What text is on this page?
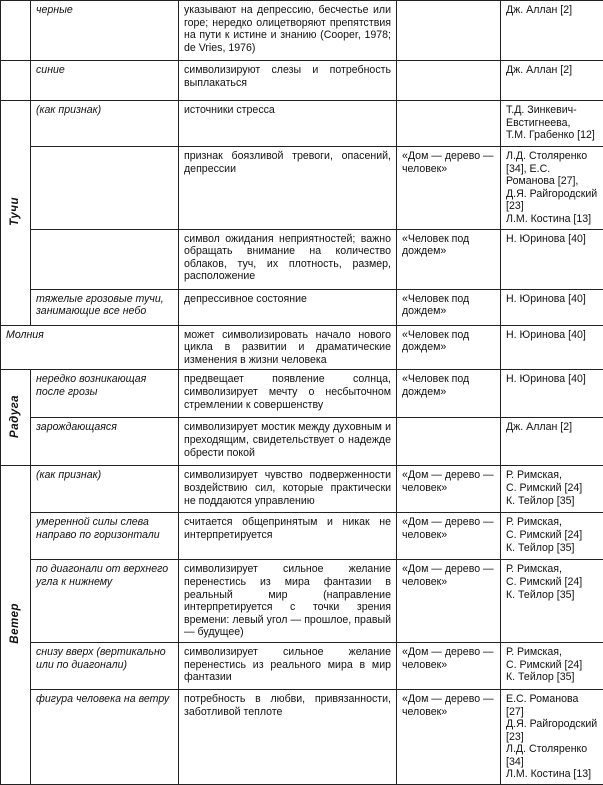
	черные	указывают на депрессию, бесчестье или горе; нередко олицетворяют препятствия на пути к истине и знанию (Cooper, 1978; de Vries, 1976)		Дж. Аллан [2]

	синие	символизируют слезы и потребность выплакаться		Дж. Аллан [2]

Тучи	(как признак)	источники стресса		Т.Д. Зинкевич-Евстигнеева,
Т.М. Грабенко [12]

		признак боязливой тревоги, опасений, депрессии	«Дом — дерево — человек»	Л.Д. Столяренко [34], Е.С. Романова [27], Д.Я. Райгородский [23]
Л.М. Костина [13]

		символ ожидания неприятностей; важно обращать внимание на количество облаков, туч, их плотность, размер, расположение	«Человек под дождем»	Н. Юринова [40]

	тяжелые грозовые тучи, занимающие все небо	депрессивное состояние	«Человек под дождем»	Н. Юринова [40]

Молния		может символизировать начало нового цикла в развитии и драматические изменения в жизни человека	«Человек под дождем»	Н. Юринова [40]

Радуга	нередко возникающая после грозы	предвещает появление солнца, символизирует мечту о несбыточном стремлении к совершенству	«Человек под дождем»	Н. Юринова [40]

	зарождающаяся	символизирует мостик между духовным и преходящим, свидетельствует о надежде обрести покой		Дж. Аллан [2]

Ветер	(как признак)	символизирует чувство подверженности воздействию сил, которые практически не поддаются управлению	«Дом — дерево — человек»	Р. Римская,
С. Римский [24]
К. Тейлор [35]

	умеренной силы слева направо по горизонтали	считается общепринятым и никак не интерпретируется	«Дом — дерево — человек»	Р. Римская,
С. Римский [24]
К. Тейлор [35]

	по диагонали от верхнего угла к нижнему	символизирует сильное желание перенестись из мира фантазии в реальный мир (направление интерпретируется с точки зрения времени: левый угол — прошлое, правый — будущее)	«Дом — дерево — человек»	Р. Римская,
С. Римский [24]
К. Тейлор [35]

	снизу вверх (вертикально или по диагонали)	символизирует сильное желание перенестись из реального мира в мир фантазии	«Дом — дерево — человек»	Р. Римская,
С. Римский [24]
К. Тейлор [35]

	фигура человека на ветру	потребность в любви, привязанности, заботливой теплоте	«Дом — дерево — человек»	Е.С. Романова [27]
Д.Я. Райгородский [23]
Л.Д. Столяренко [34]
Л.М. Костина [13]
